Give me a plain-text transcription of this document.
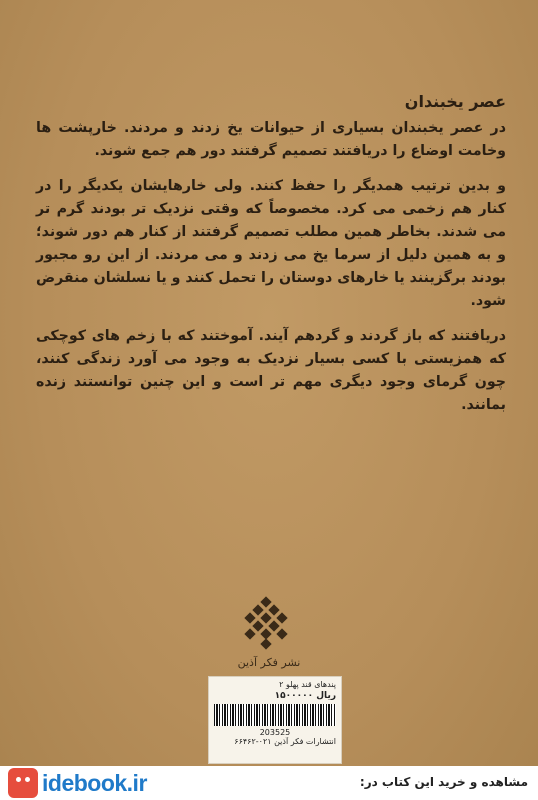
عصر یخبندان

در عصر یخبندان بسیاری از حیوانات یخ زدند و مردند. خارپشت ها وخامت اوضاع را دریافتند تصمیم گرفتند دور هم جمع شوند.

و بدین ترتیب همدیگر را حفظ کنند. ولی خارهایشان یکدیگر را در کنار هم زخمی می کرد. مخصوصاً که وقتی نزدیک تر بودند گرم تر می شدند. بخاطر همین مطلب تصمیم گرفتند از کنار هم دور شوند؛ و به همین دلیل از سرما یخ می زدند و می مردند. از این رو مجبور بودند برگزینند یا خارهای دوستان را تحمل کنند و یا نسلشان منقرض شود.

دریافتند که باز گردند و گردهم آیند. آموختند که با زخم های کوچکی که همزیستی با کسی بسیار نزدیک به وجود می آورد زندگی کنند، چون گرمای وجود دیگری مهم تر است و این چنین توانستند زنده بمانند.

نشر فکر آذین
پندهای قند پهلو ۲
۱۵۰۰۰۰۰ ریال
203525
انتشارات فکر آذین ۰۲۱-۶۶۴۶۲
idebook.ir	مشاهده و خرید این کتاب در:
